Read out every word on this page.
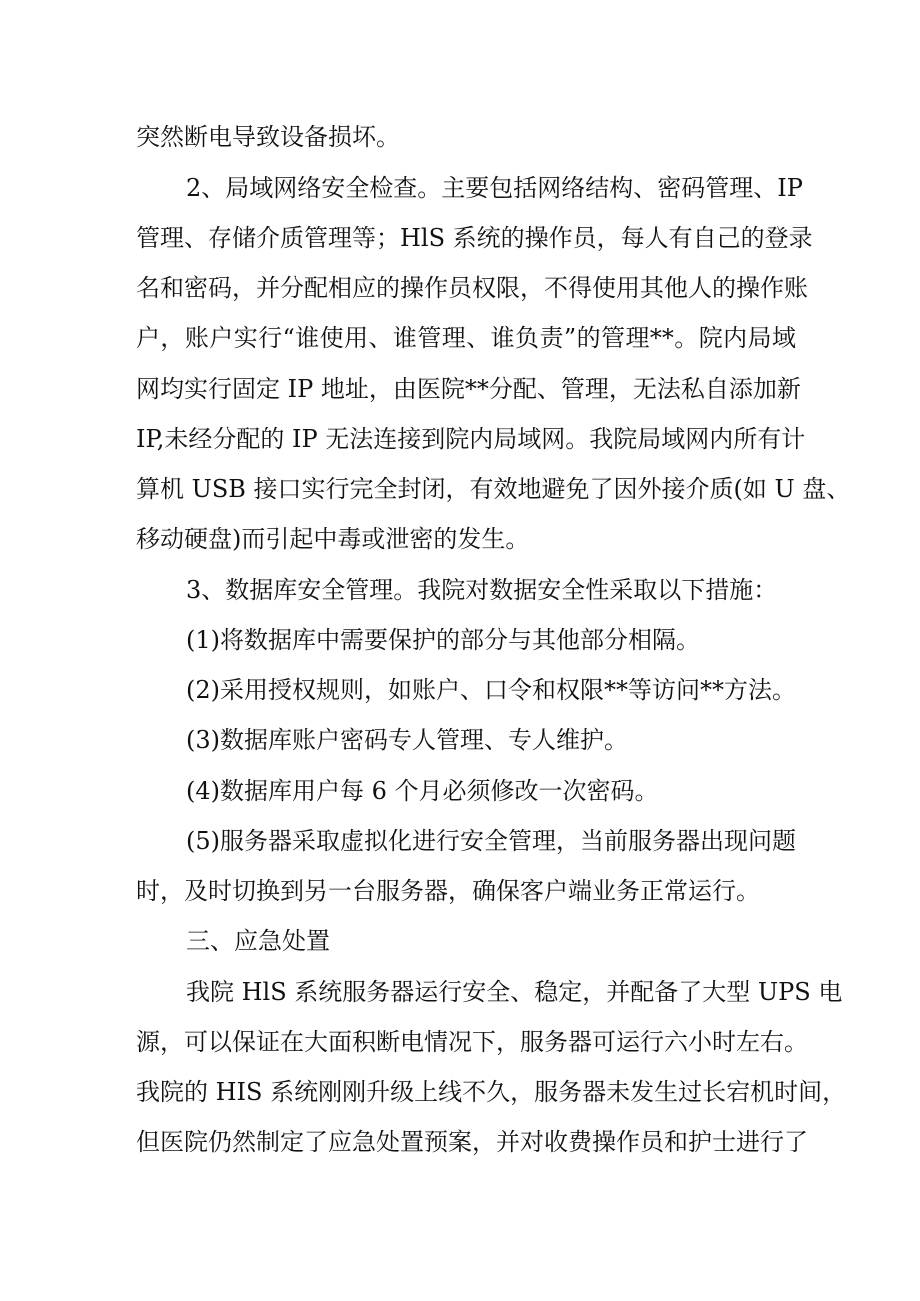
突然断电导致设备损坏。

2、局域网络安全检查。主要包括网络结构、密码管理、IP

管理、存储介质管理等；HlS 系统的操作员，每人有自己的登录

名和密码，并分配相应的操作员权限，不得使用其他人的操作账

户，账户实行“谁使用、谁管理、谁负责”的管理**。院内局域

网均实行固定 IP 地址，由医院**分配、管理，无法私自添加新

IP,未经分配的 IP 无法连接到院内局域网。我院局域网内所有计

算机 USB 接口实行完全封闭，有效地避免了因外接介质(如 U 盘、

移动硬盘)而引起中毒或泄密的发生。

3、数据库安全管理。我院对数据安全性采取以下措施：

(1)将数据库中需要保护的部分与其他部分相隔。

(2)采用授权规则，如账户、口令和权限**等访问**方法。

(3)数据库账户密码专人管理、专人维护。

(4)数据库用户每 6 个月必须修改一次密码。

(5)服务器采取虚拟化进行安全管理，当前服务器出现问题

时，及时切换到另一台服务器，确保客户端业务正常运行。

三、应急处置

我院 HlS 系统服务器运行安全、稳定，并配备了大型 UPS 电

源，可以保证在大面积断电情况下，服务器可运行六小时左右。

我院的 HIS 系统刚刚升级上线不久，服务器未发生过长宕机时间，

但医院仍然制定了应急处置预案，并对收费操作员和护士进行了
